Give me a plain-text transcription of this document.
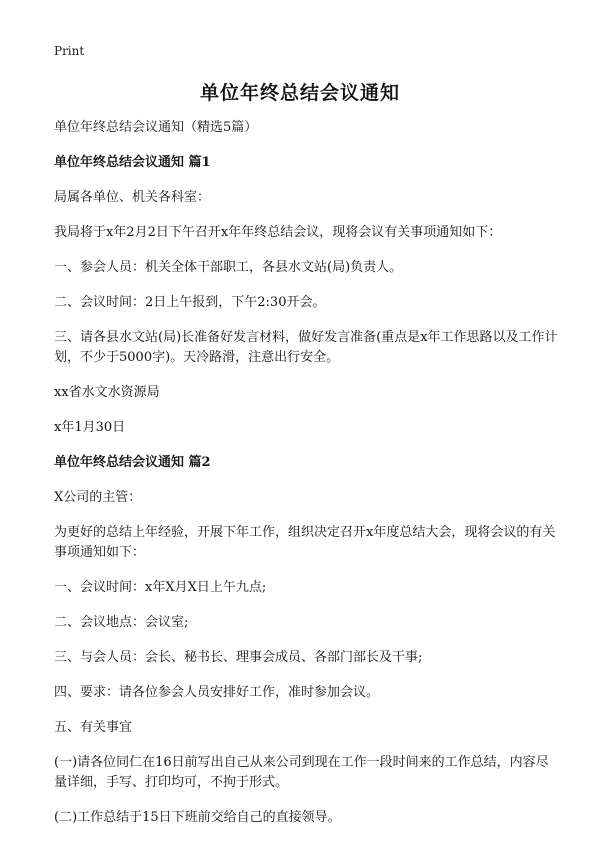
Print
单位年终总结会议通知

单位年终总结会议通知（精选5篇）

单位年终总结会议通知 篇1

局属各单位、机关各科室：

我局将于x年2月2日下午召开x年年终总结会议，现将会议有关事项通知如下：

一、参会人员：机关全体干部职工，各县水文站(局)负责人。

二、会议时间：2日上午报到，下午2:30开会。

三、请各县水文站(局)长准备好发言材料，做好发言准备(重点是x年工作思路以及工作计划，不少于5000字)。天冷路滑，注意出行安全。

xx省水文水资源局

x年1月30日

单位年终总结会议通知 篇2

X公司的主管：

为更好的总结上年经验，开展下年工作，组织决定召开x年度总结大会，现将会议的有关事项通知如下：

一、会议时间：x年X月X日上午九点;

二、会议地点：会议室;

三、与会人员：会长、秘书长、理事会成员、各部门部长及干事;

四、要求：请各位参会人员安排好工作，准时参加会议。

五、有关事宜

(一)请各位同仁在16日前写出自己从来公司到现在工作一段时间来的工作总结，内容尽量详细，手写、打印均可，不拘于形式。

(二)工作总结于15日下班前交给自己的直接领导。
